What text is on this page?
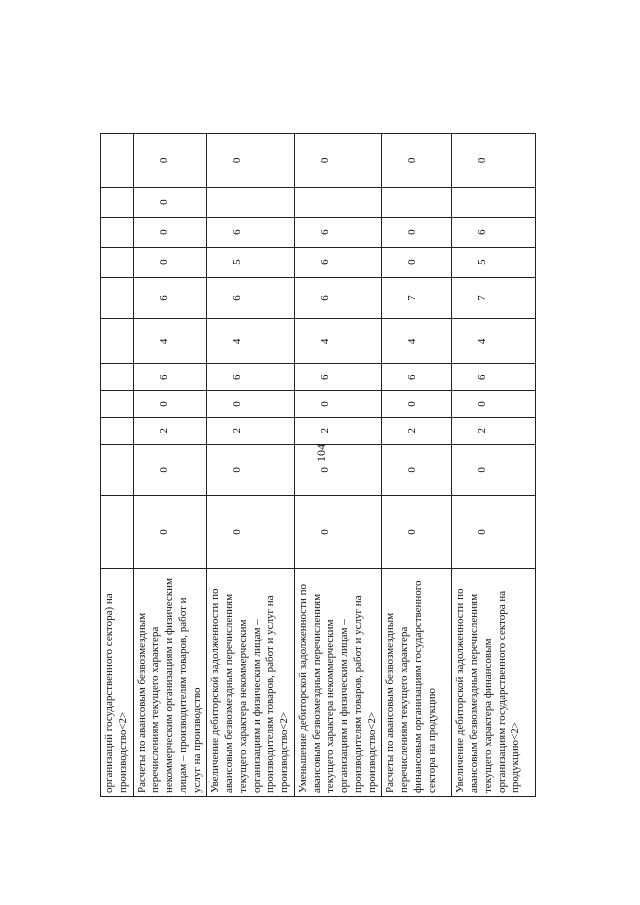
104
организаций государственного сектора) на производство<2>											
Расчеты по авансовым безвозмездным перечислениям текущего характера некоммерческим организациям и физическим лицам – производителям товаров, работ и услуг на производство	0	0	2	0	6	4	6	0	0	0	0
Увеличение дебиторской задолженности по авансовым безвозмездным перечислениям текущего характера некоммерческим организациям и физическим лицам – производителям товаров, работ и услуг на производство<2>	0	0	2	0	6	4	6	5	6		0
Уменьшение дебиторской задолженности по авансовым безвозмездным перечислениям текущего характера некоммерческим организациям и физическим лицам – производителям товаров, работ и услуг на производство<2>	0	0	2	0	6	4	6	6	6		0
Расчеты по авансовым безвозмездным перечислениям текущего характера финансовым организациям государственного сектора на продукцию	0	0	2	0	6	4	7	0	0		0
Увеличение дебиторской задолженности по авансовым безвозмездным перечислениям текущего характера финансовым организациям государственного сектора на продукцию<2>	0	0	2	0	6	4	7	5	6		0
